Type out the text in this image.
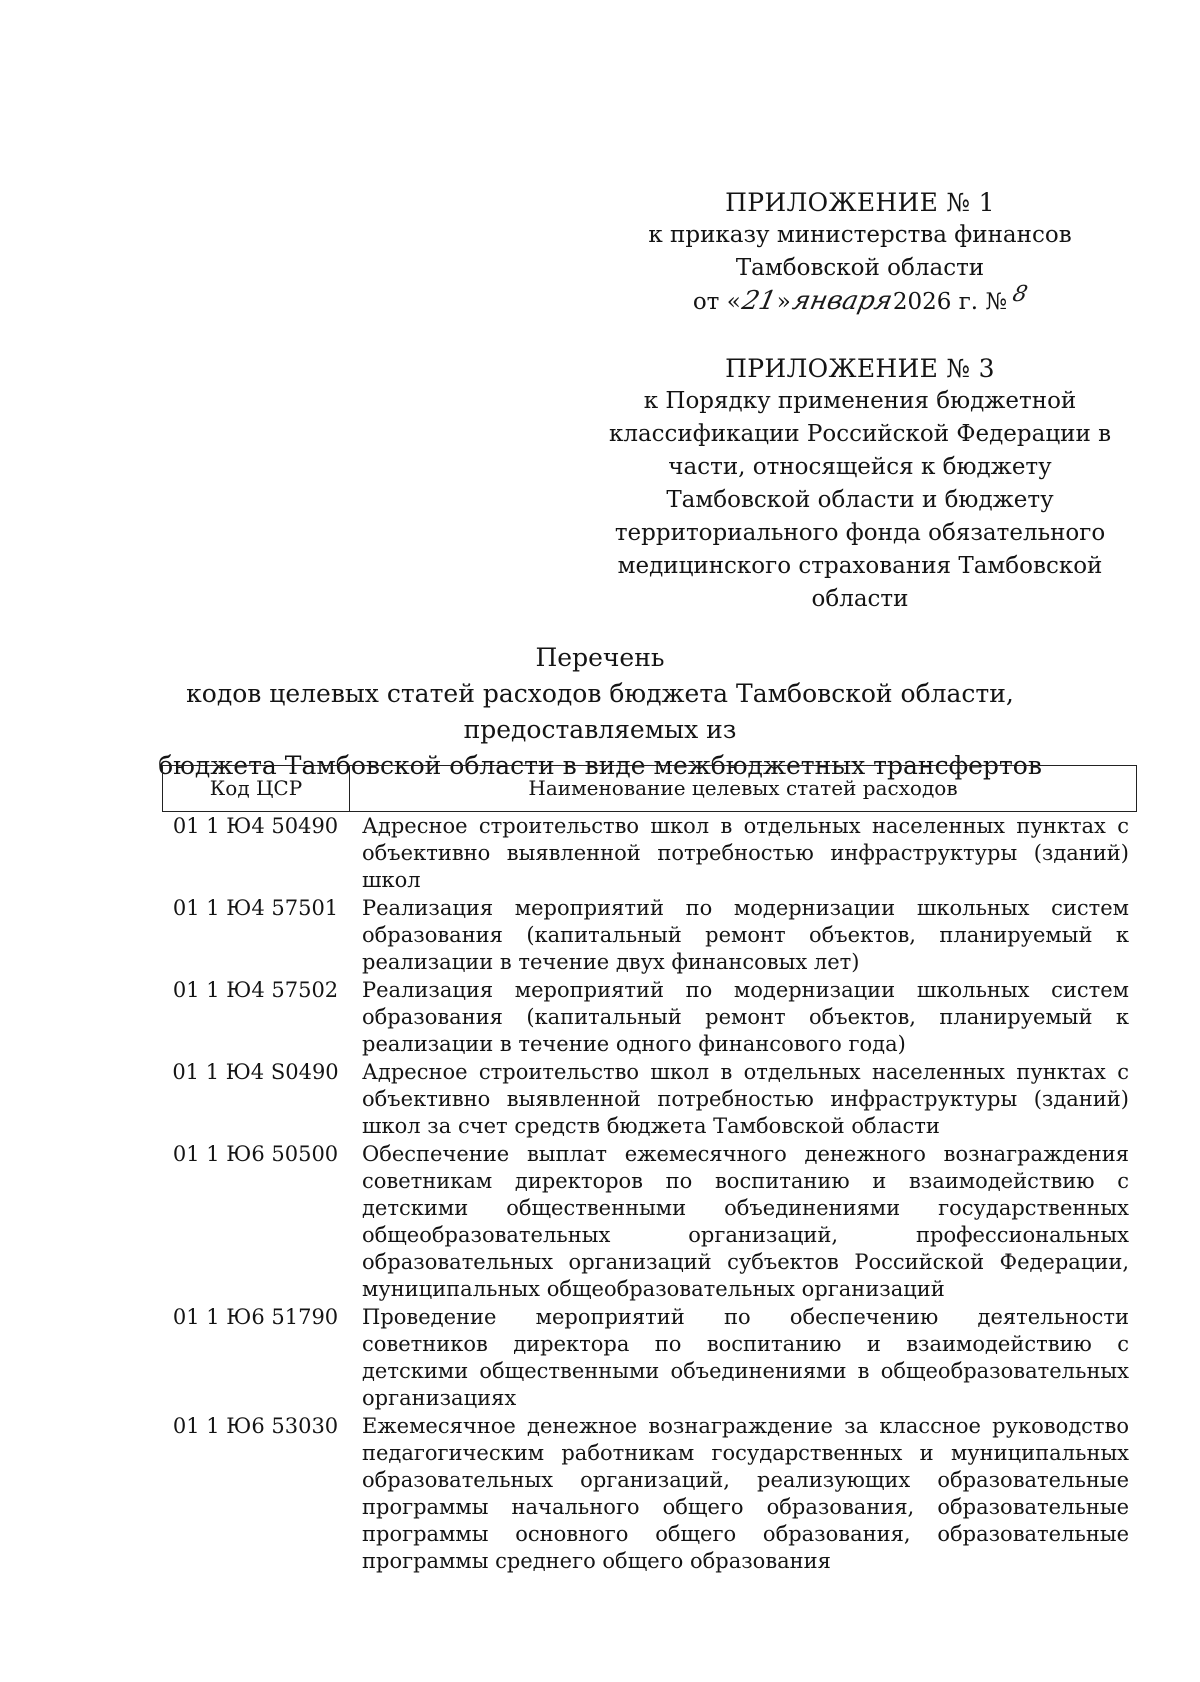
ПРИЛОЖЕНИЕ № 1
к приказу министерства финансов
Тамбовской области
от «
21
»
января
2026 г. № 8
ПРИЛОЖЕНИЕ № 3
к Порядку применения бюджетной
классификации Российской Федерации в
части, относящейся к бюджету
Тамбовской области и бюджету
территориального фонда обязательного
медицинского страхования Тамбовской
области
Перечень
кодов целевых статей расходов бюджета Тамбовской области, предоставляемых из
бюджета Тамбовской области в виде межбюджетных трансфертов
Код ЦСР	Наименование целевых статей расходов
01 1 Ю4 50490	Адресное строительство школ в отдельных населенных пунктах с объективно выявленной потребностью инфраструктуры (зданий) школ
01 1 Ю4 57501	Реализация мероприятий по модернизации школьных систем образования (капитальный ремонт объектов, планируемый к реализации в течение двух финансовых лет)
01 1 Ю4 57502	Реализация мероприятий по модернизации школьных систем образования (капитальный ремонт объектов, планируемый к реализации в течение одного финансового года)
01 1 Ю4 S0490	Адресное строительство школ в отдельных населенных пунктах с объективно выявленной потребностью инфраструктуры (зданий) школ за счет средств бюджета Тамбовской области
01 1 Ю6 50500	Обеспечение выплат ежемесячного денежного вознаграждения советникам директоров по воспитанию и взаимодействию с детскими общественными объединениями государственных общеобразовательных организаций, профессиональных образовательных организаций субъектов Российской Федерации, муниципальных общеобразовательных организаций
01 1 Ю6 51790	Проведение мероприятий по обеспечению деятельности советников директора по воспитанию и взаимодействию с детскими общественными объединениями в общеобразовательных организациях
01 1 Ю6 53030	Ежемесячное денежное вознаграждение за классное руководство педагогическим работникам государственных и муниципальных образовательных организаций, реализующих образовательные программы начального общего образования, образовательные программы основного общего образования, образовательные программы среднего общего образования
